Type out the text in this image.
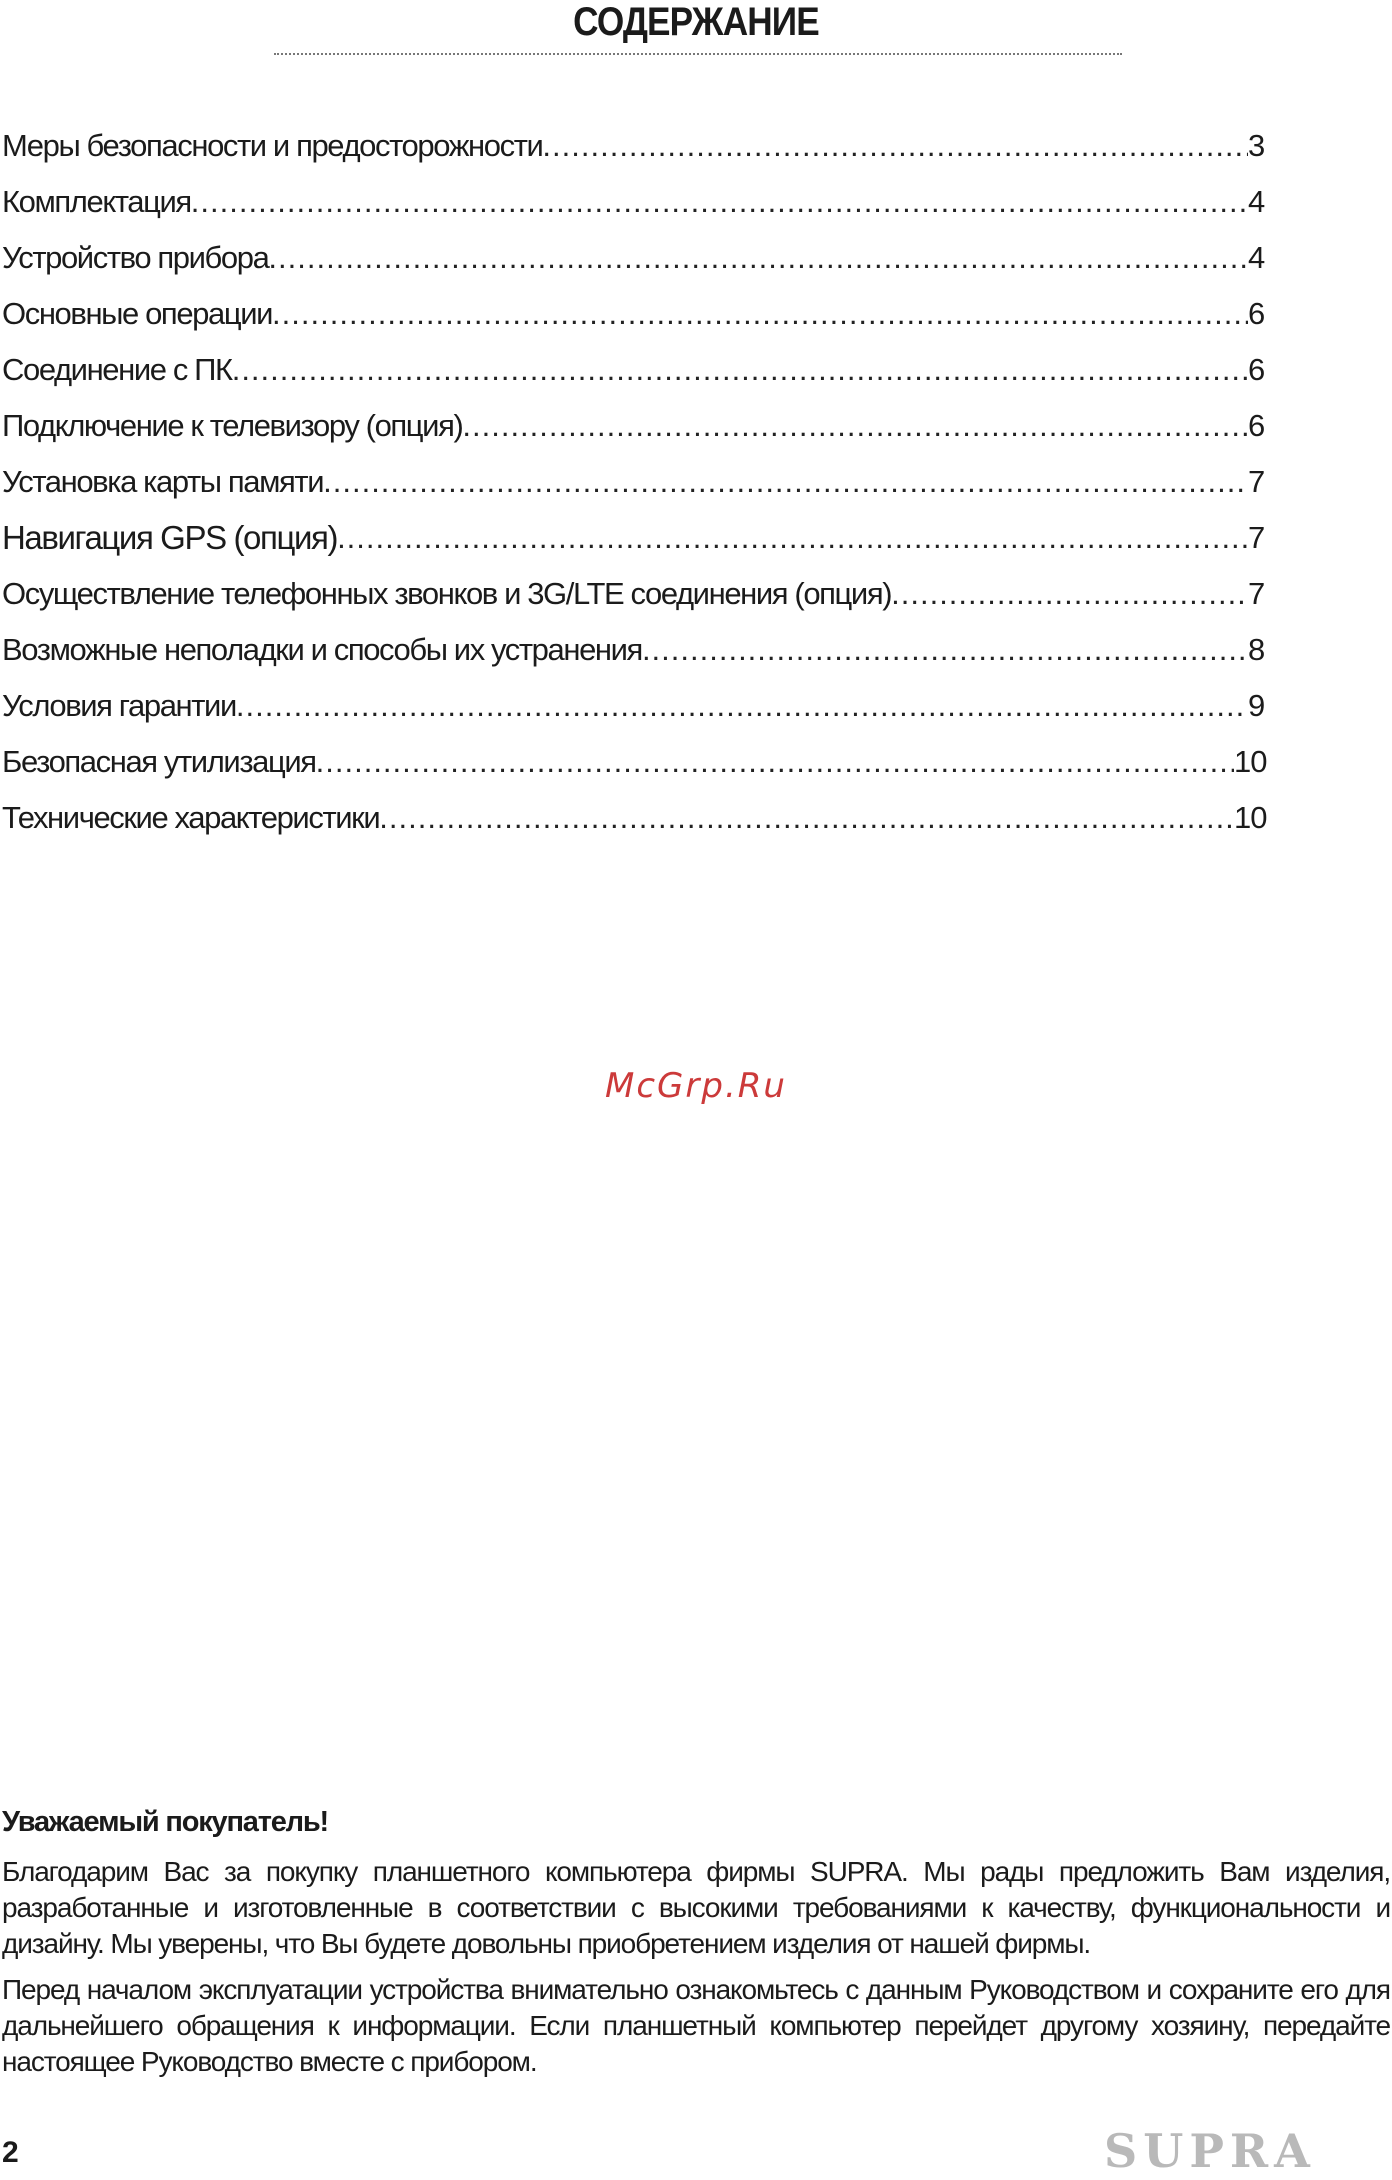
СОДЕРЖАНИЕ
Меры безопасности и предосторожности .....	3
Комплектация .....	4
Устройство прибора .....	4
Основные операции .....	6
Соединение с ПК .....	6
Подключение к телевизору (опция) .....	6
Установка карты памяти .....	7
Навигация GPS (опция) .....	7
Осуществление телефонных звонков и 3G/LTE соединения (опция) .....	7
Возможные неполадки и способы их устранения .....	8
Условия гарантии .....	9
Безопасная утилизация .....	10
Технические характеристики .....	10
McGrp.Ru
Уважаемый покупатель!

Благодарим Вас за покупку планшетного компьютера фирмы SUPRA. Мы рады предложить Вам изделия, разработанные и изготовленные в соответствии с высокими требованиями к качеству, функциональности и дизайну. Мы уверены, что Вы будете довольны приобретением изделия от нашей фирмы.

Перед началом эксплуатации устройства внимательно ознакомьтесь с данным Руководством и сохраните его для дальнейшего обращения к информации. Если планшетный компьютер перейдет другому хозяину, передайте настоящее Руководство вместе с прибором.

2	SUPRA
